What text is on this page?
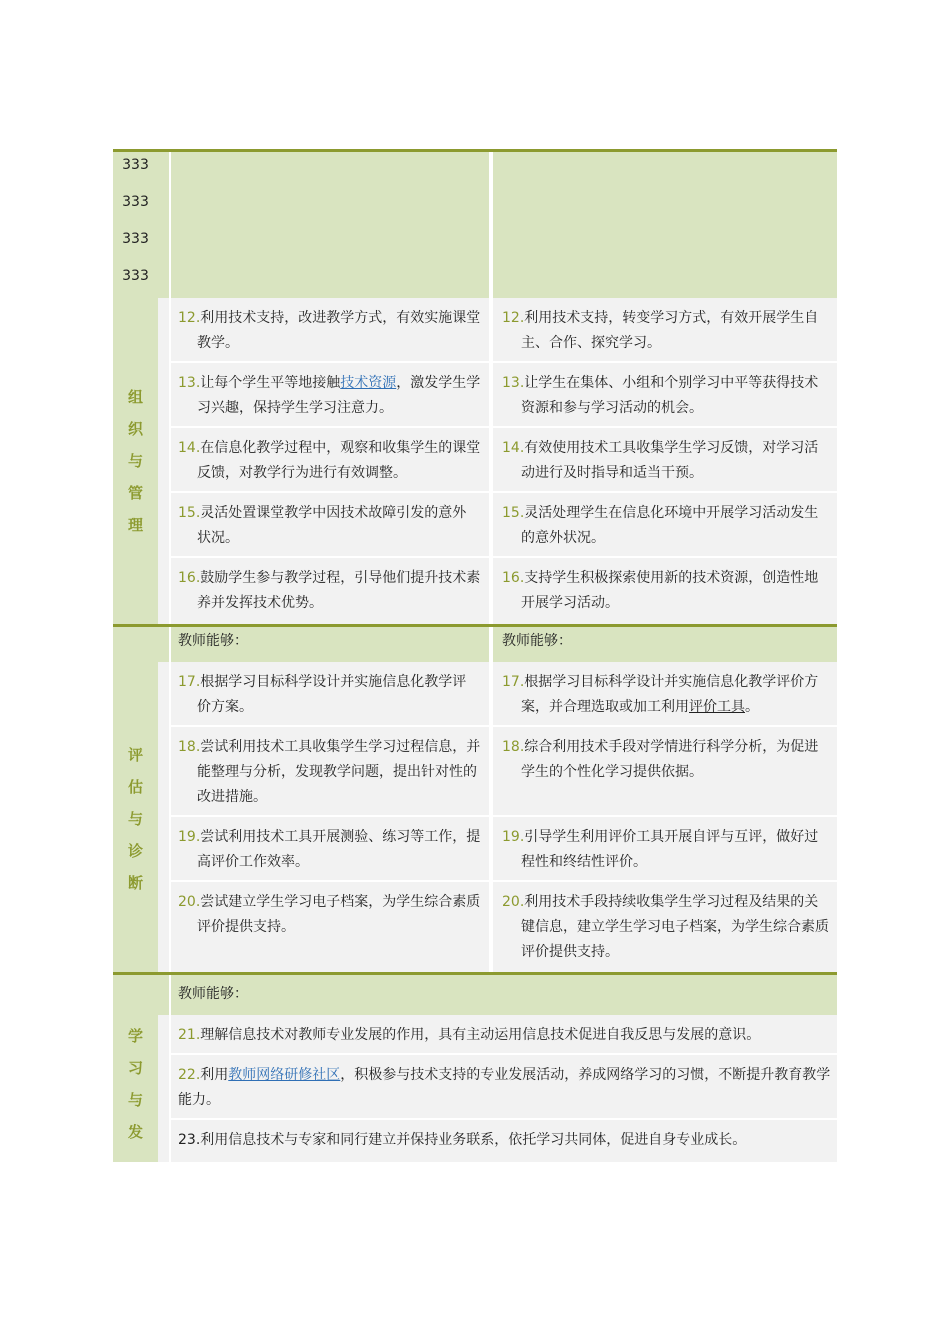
333
333
333
333
组
织
与
管
理
12.利用技术支持，改进教学方式，有效实施课堂
教学。
13.让每个学生平等地接触技术资源，激发学生学
习兴趣，保持学生学习注意力。
14.在信息化教学过程中，观察和收集学生的课堂
反馈，对教学行为进行有效调整。
15.灵活处置课堂教学中因技术故障引发的意外
状况。
16.鼓励学生参与教学过程，引导他们提升技术素
养并发挥技术优势。
12.利用技术支持，转变学习方式，有效开展学生自
主、合作、探究学习。
13.让学生在集体、小组和个别学习中平等获得技术
资源和参与学习活动的机会。
14.有效使用技术工具收集学生学习反馈，对学习活
动进行及时指导和适当干预。
15.灵活处理学生在信息化环境中开展学习活动发生
的意外状况。
16.支持学生积极探索使用新的技术资源，创造性地
开展学习活动。
教师能够：	教师能够：
评
估
与
诊
断
17.根据学习目标科学设计并实施信息化教学评
价方案。
18.尝试利用技术工具收集学生学习过程信息，并
能整理与分析，发现教学问题，提出针对性的
改进措施。
19.尝试利用技术工具开展测验、练习等工作，提
高评价工作效率。
20.尝试建立学生学习电子档案，为学生综合素质
评价提供支持。
17.根据学习目标科学设计并实施信息化教学评价方
案，并合理选取或加工利用评价工具。
18.综合利用技术手段对学情进行科学分析，为促进
学生的个性化学习提供依据。
19.引导学生利用评价工具开展自评与互评，做好过
程性和终结性评价。
20.利用技术手段持续收集学生学习过程及结果的关
键信息，建立学生学习电子档案，为学生综合素质
评价提供支持。
教师能够：
学
习
与
发
21.理解信息技术对教师专业发展的作用，具有主动运用信息技术促进自我反思与发展的意识。
22.利用教师网络研修社区，积极参与技术支持的专业发展活动，养成网络学习的习惯，不断提升教育教学
能力。
23.利用信息技术与专家和同行建立并保持业务联系，依托学习共同体，促进自身专业成长。
